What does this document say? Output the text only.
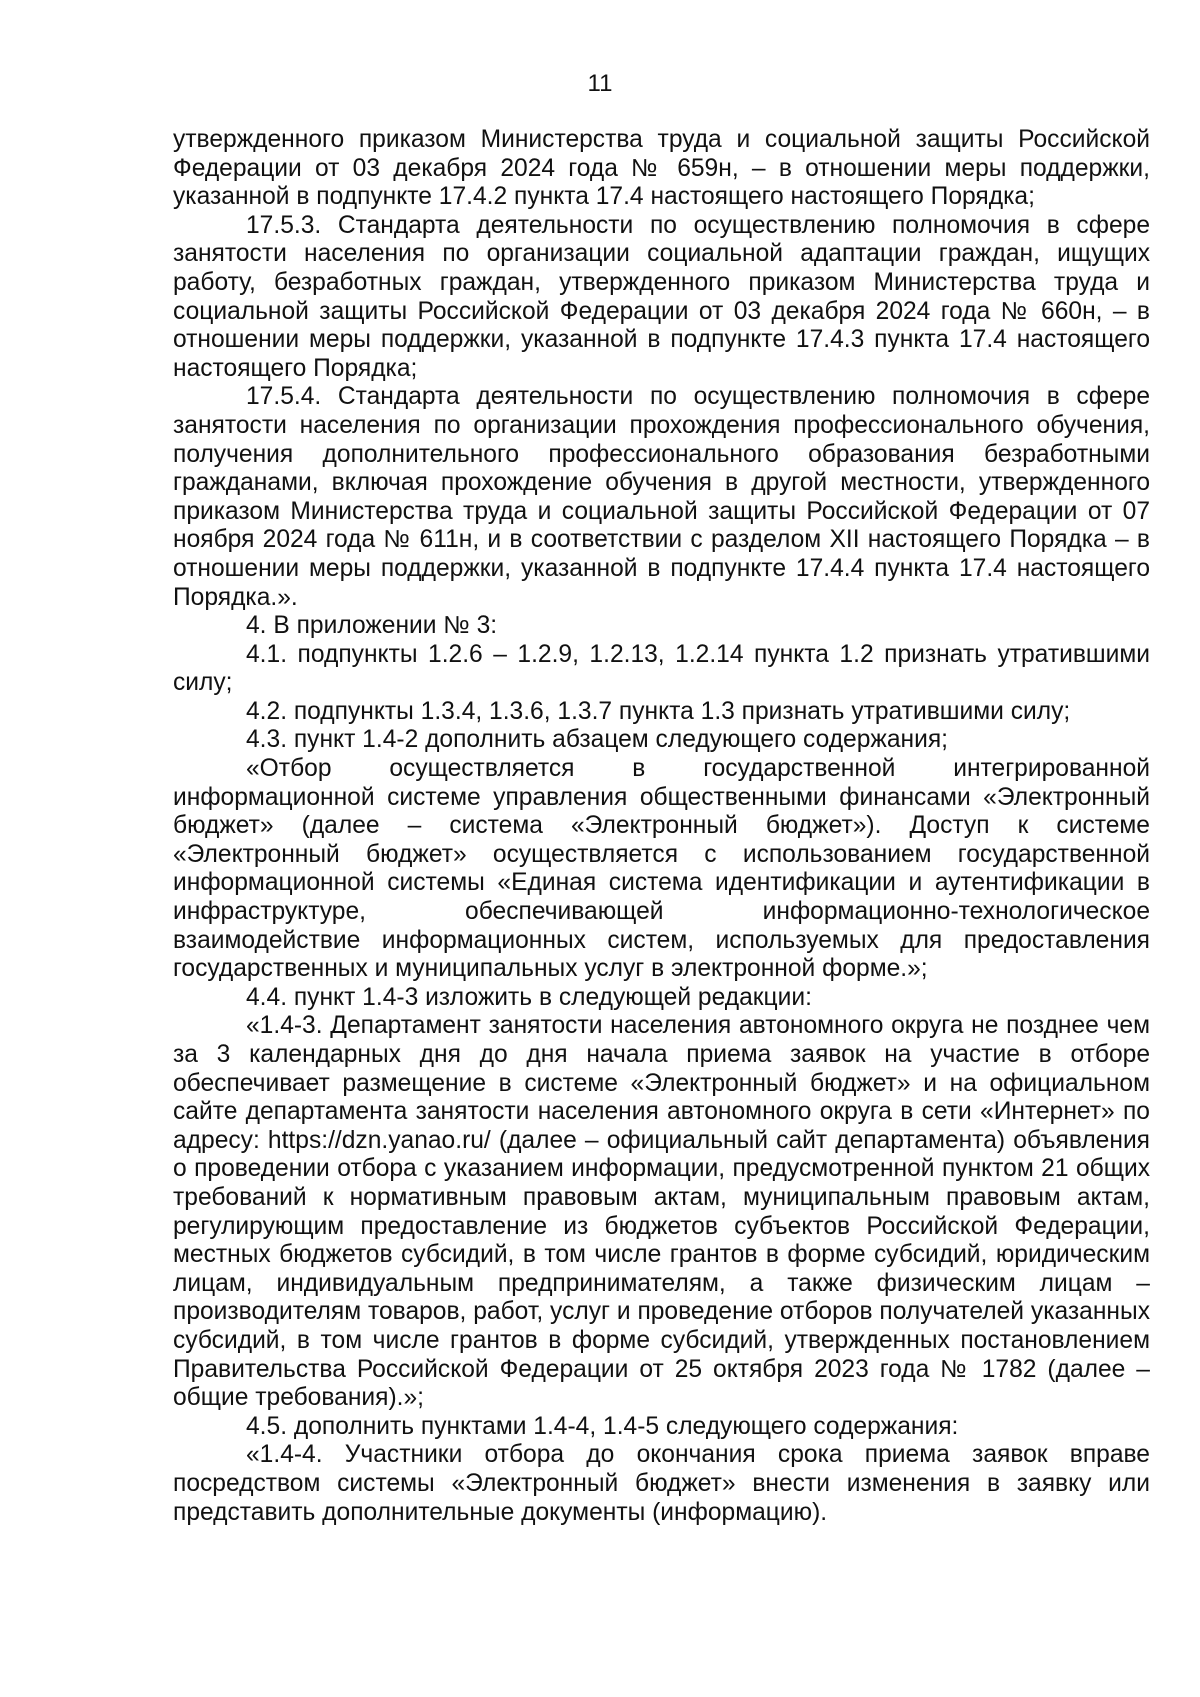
11

утвержденного приказом Министерства труда и социальной защиты Российской Федерации от 03 декабря 2024 года № 659н, – в отношении меры поддержки, указанной в подпункте 17.4.2 пункта 17.4 настоящего настоящего Порядка;

17.5.3. Стандарта деятельности по осуществлению полномочия в сфере занятости населения по организации социальной адаптации граждан, ищущих работу, безработных граждан, утвержденного приказом Министерства труда и социальной защиты Российской Федерации от 03 декабря 2024 года № 660н, – в отношении меры поддержки, указанной в подпункте 17.4.3 пункта 17.4 настоящего настоящего Порядка;

17.5.4. Стандарта деятельности по осуществлению полномочия в сфере занятости населения по организации прохождения профессионального обучения, получения дополнительного профессионального образования безработными гражданами, включая прохождение обучения в другой местности, утвержденного приказом Министерства труда и социальной защиты Российской Федерации от 07 ноября 2024 года № 611н, и в соответствии с разделом XII настоящего Порядка – в отношении меры поддержки, указанной в подпункте 17.4.4 пункта 17.4 настоящего Порядка.».

4. В приложении № 3:

4.1. подпункты 1.2.6 – 1.2.9, 1.2.13, 1.2.14 пункта 1.2 признать утратившими силу;

4.2. подпункты 1.3.4, 1.3.6, 1.3.7 пункта 1.3 признать утратившими силу;

4.3. пункт 1.4-2 дополнить абзацем следующего содержания;

«Отбор осуществляется в государственной интегрированной информационной системе управления общественными финансами «Электронный бюджет» (далее – система «Электронный бюджет»). Доступ к системе «Электронный бюджет» осуществляется с использованием государственной информационной системы «Единая система идентификации и аутентификации в инфраструктуре, обеспечивающей информационно-технологическое взаимодействие информационных систем, используемых для предоставления государственных и муниципальных услуг в электронной форме.»;

4.4. пункт 1.4-3 изложить в следующей редакции:

«1.4-3. Департамент занятости населения автономного округа не позднее чем за 3 календарных дня до дня начала приема заявок на участие в отборе обеспечивает размещение в системе «Электронный бюджет» и на официальном сайте департамента занятости населения автономного округа в сети «Интернет» по адресу: https://dzn.yanao.ru/ (далее – официальный сайт департамента) объявления о проведении отбора с указанием информации, предусмотренной пунктом 21 общих требований к нормативным правовым актам, муниципальным правовым актам, регулирующим предоставление из бюджетов субъектов Российской Федерации, местных бюджетов субсидий, в том числе грантов в форме субсидий, юридическим лицам, индивидуальным предпринимателям, а также физическим лицам – производителям товаров, работ, услуг и проведение отборов получателей указанных субсидий, в том числе грантов в форме субсидий, утвержденных постановлением Правительства Российской Федерации от 25 октября 2023 года № 1782 (далее – общие требования).»;

4.5. дополнить пунктами 1.4-4, 1.4-5 следующего содержания:

«1.4-4. Участники отбора до окончания срока приема заявок вправе посредством системы «Электронный бюджет» внести изменения в заявку или представить дополнительные документы (информацию).
